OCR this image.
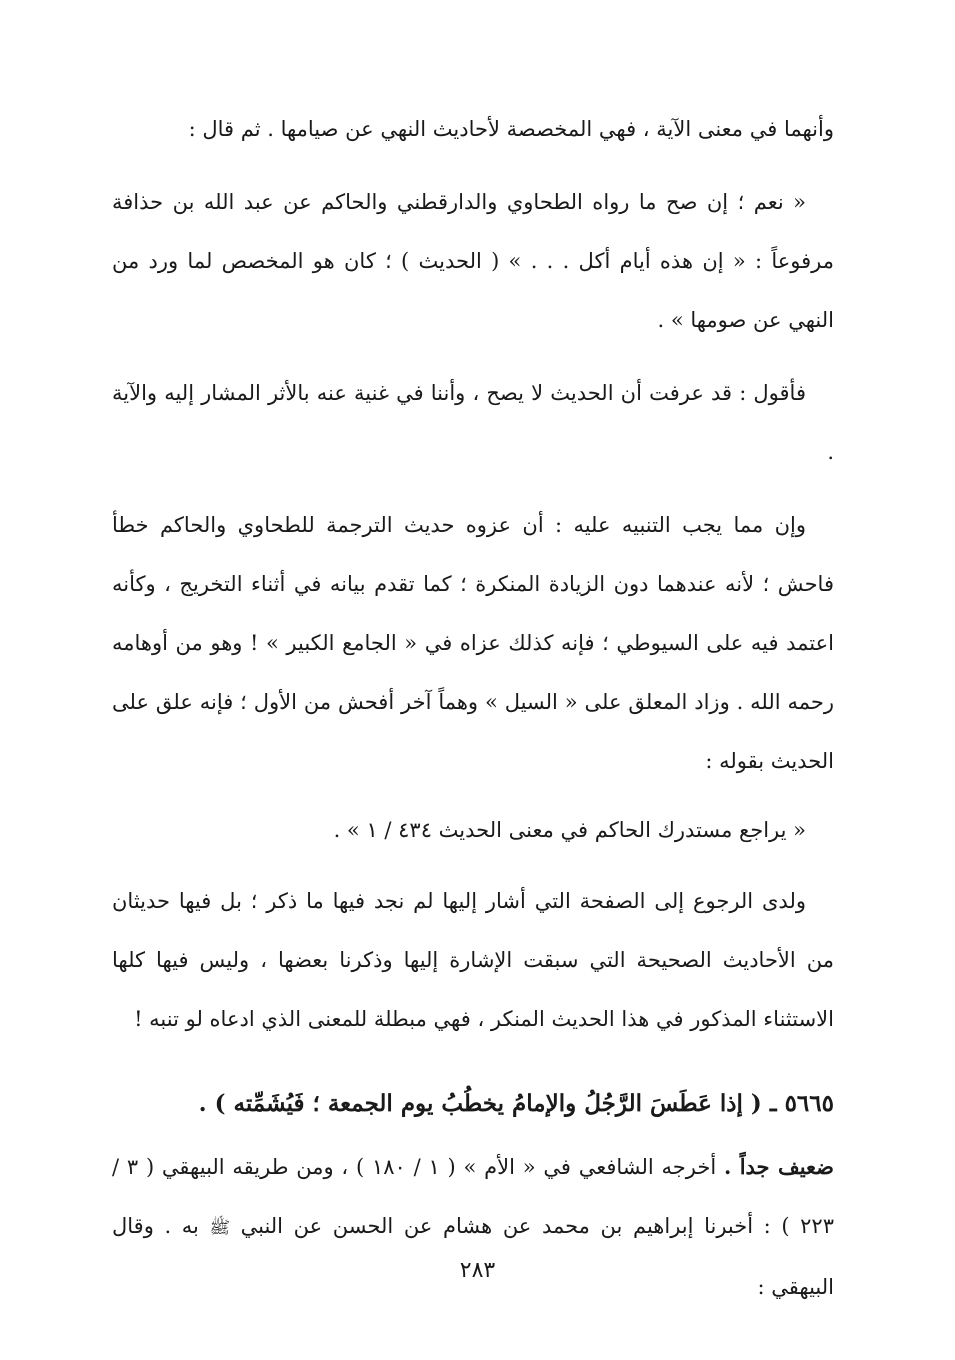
وأنهما في معنى الآية ، فهي المخصصة لأحاديث النهي عن صيامها . ثم قال :

« نعم ؛ إن صح ما رواه الطحاوي والدارقطني والحاكم عن عبد الله بن حذافة مرفوعاً : « إن هذه أيام أكل . . . » ( الحديث ) ؛ كان هو المخصص لما ورد من النهي عن صومها » .

فأقول : قد عرفت أن الحديث لا يصح ، وأننا في غنية عنه بالأثر المشار إليه والآية .

وإن مما يجب التنبيه عليه : أن عزوه حديث الترجمة للطحاوي والحاكم خطأ فاحش ؛ لأنه عندهما دون الزيادة المنكرة ؛ كما تقدم بيانه في أثناء التخريج ، وكأنه اعتمد فيه على السيوطي ؛ فإنه كذلك عزاه في « الجامع الكبير » ! وهو من أوهامه رحمه الله . وزاد المعلق على « السيل » وهماً آخر أفحش من الأول ؛ فإنه علق على الحديث بقوله :

« يراجع مستدرك الحاكم في معنى الحديث ٤٣٤ / ١ » .

ولدى الرجوع إلى الصفحة التي أشار إليها لم نجد فيها ما ذكر ؛ بل فيها حديثان من الأحاديث الصحيحة التي سبقت الإشارة إليها وذكرنا بعضها ، وليس فيها كلها الاستثناء المذكور في هذا الحديث المنكر ، فهي مبطلة للمعنى الذي ادعاه لو تنبه !

٥٦٦٥ ـ ( إذا عَطَسَ الرَّجُلُ والإمامُ يخطُبُ يوم الجمعة ؛ فَيُشَمِّته ) .

ضعيف جداً . أخرجه الشافعي في « الأم » ( ١ / ١٨٠ ) ، ومن طريقه البيهقي ( ٣ / ٢٢٣ ) : أخبرنا إبراهيم بن محمد عن هشام عن الحسن عن النبي ﷺ به . وقال البيهقي :

٢٨٣
